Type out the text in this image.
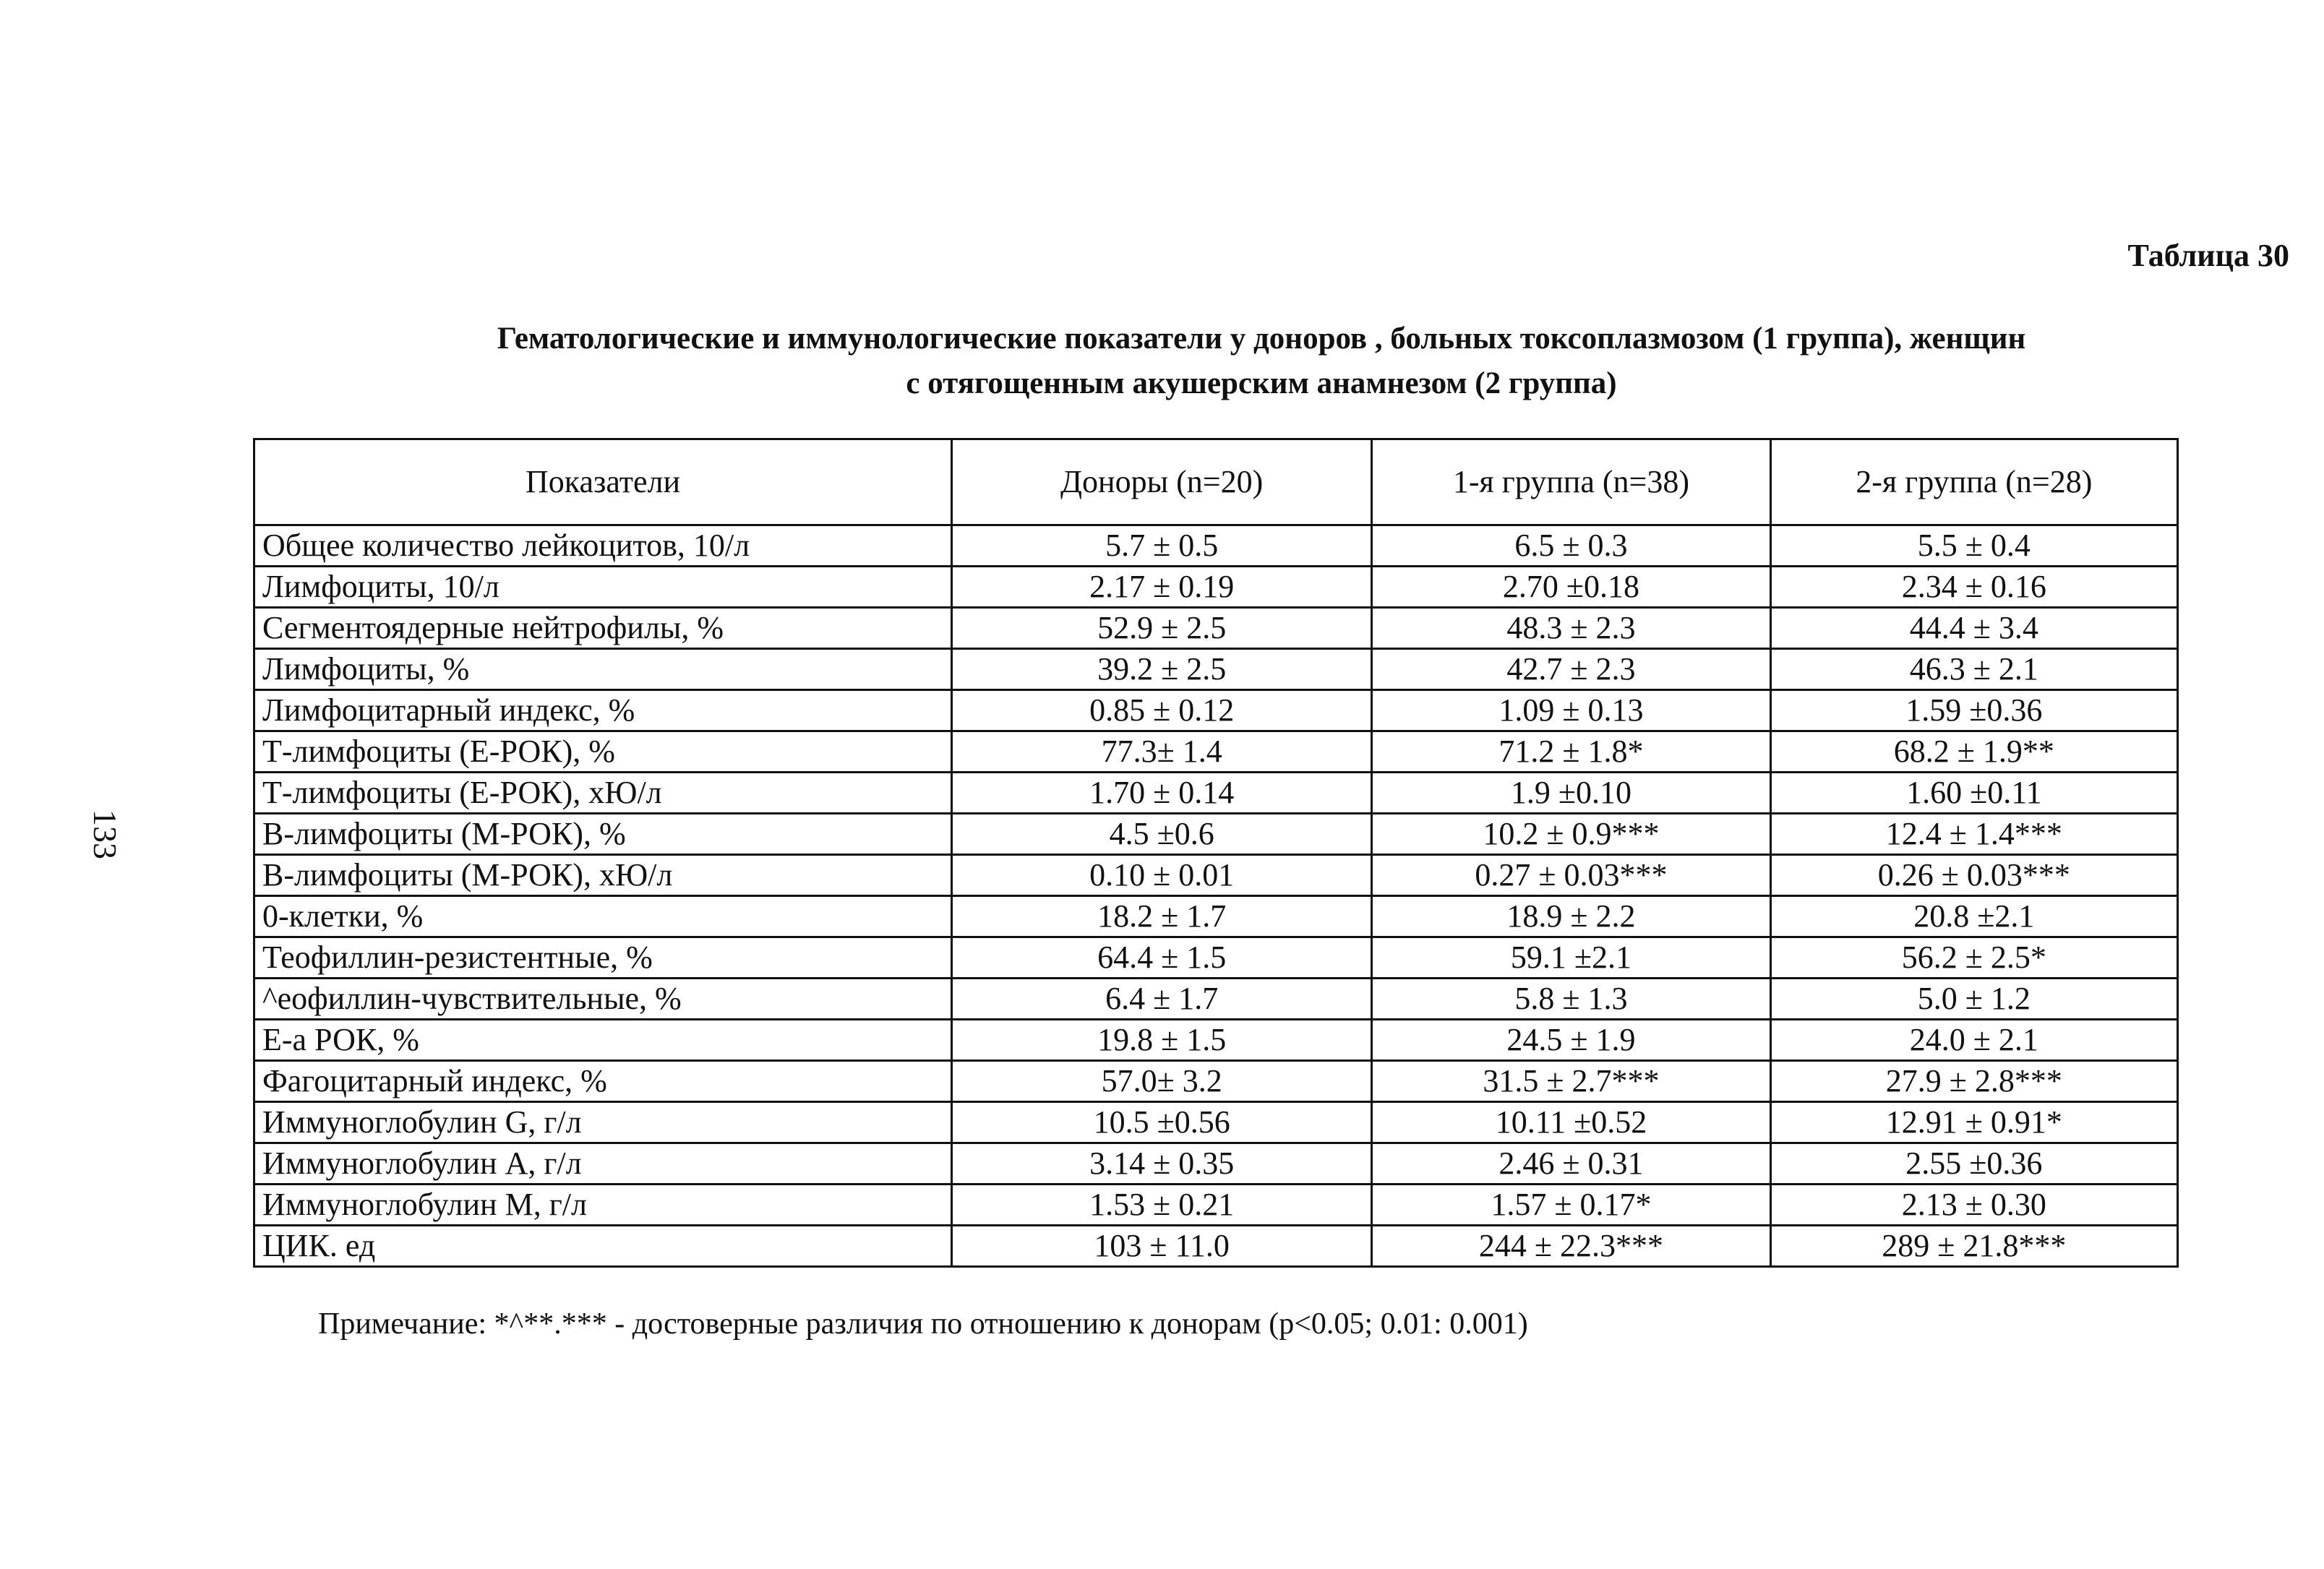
Таблица 30
Гематологические и иммунологические показатели у доноров , больных токсоплазмозом (1 группа), женщин
с отягощенным акушерским анамнезом (2 группа)
133
Показатели	Доноры (n=20)	1-я группа (n=38)	2-я группа (n=28)
Общее количество лейкоцитов, 10/л	5.7 ± 0.5	6.5 ± 0.3	5.5 ± 0.4
Лимфоциты, 10/л	2.17 ± 0.19	2.70 ±0.18	2.34 ± 0.16
Сегментоядерные нейтрофилы, %	52.9 ± 2.5	48.3 ± 2.3	44.4 ± 3.4
Лимфоциты, %	39.2 ± 2.5	42.7 ± 2.3	46.3 ± 2.1
Лимфоцитарный индекс, %	0.85 ± 0.12	1.09 ± 0.13	1.59 ±0.36
Т-лимфоциты (Е-РОК), %	77.3± 1.4	71.2 ± 1.8*	68.2 ± 1.9**
Т-лимфоциты (Е-РОК), хЮ/л	1.70 ± 0.14	1.9 ±0.10	1.60 ±0.11
В-лимфоциты (М-РОК), %	4.5 ±0.6	10.2 ± 0.9***	12.4 ± 1.4***
В-лимфоциты (М-РОК), хЮ/л	0.10 ± 0.01	0.27 ± 0.03***	0.26 ± 0.03***
0-клетки, %	18.2 ± 1.7	18.9 ± 2.2	20.8 ±2.1
Теофиллин-резистентные, %	64.4 ± 1.5	59.1 ±2.1	56.2 ± 2.5*
^еофиллин-чувствительные, %	6.4 ± 1.7	5.8 ± 1.3	5.0 ± 1.2
Е-а РОК, %	19.8 ± 1.5	24.5 ± 1.9	24.0 ± 2.1
Фагоцитарный индекс, %	57.0± 3.2	31.5 ± 2.7***	27.9 ± 2.8***
Иммуноглобулин G, г/л	10.5 ±0.56	10.11 ±0.52	12.91 ± 0.91*
Иммуноглобулин А, г/л	3.14 ± 0.35	2.46 ± 0.31	2.55 ±0.36
Иммуноглобулин М, г/л	1.53 ± 0.21	1.57 ± 0.17*	2.13 ± 0.30
ЦИК. ед	103 ± 11.0	244 ± 22.3***	289 ± 21.8***
Примечание: *^**.*** - достоверные различия по отношению к донорам (р<0.05; 0.01: 0.001)
